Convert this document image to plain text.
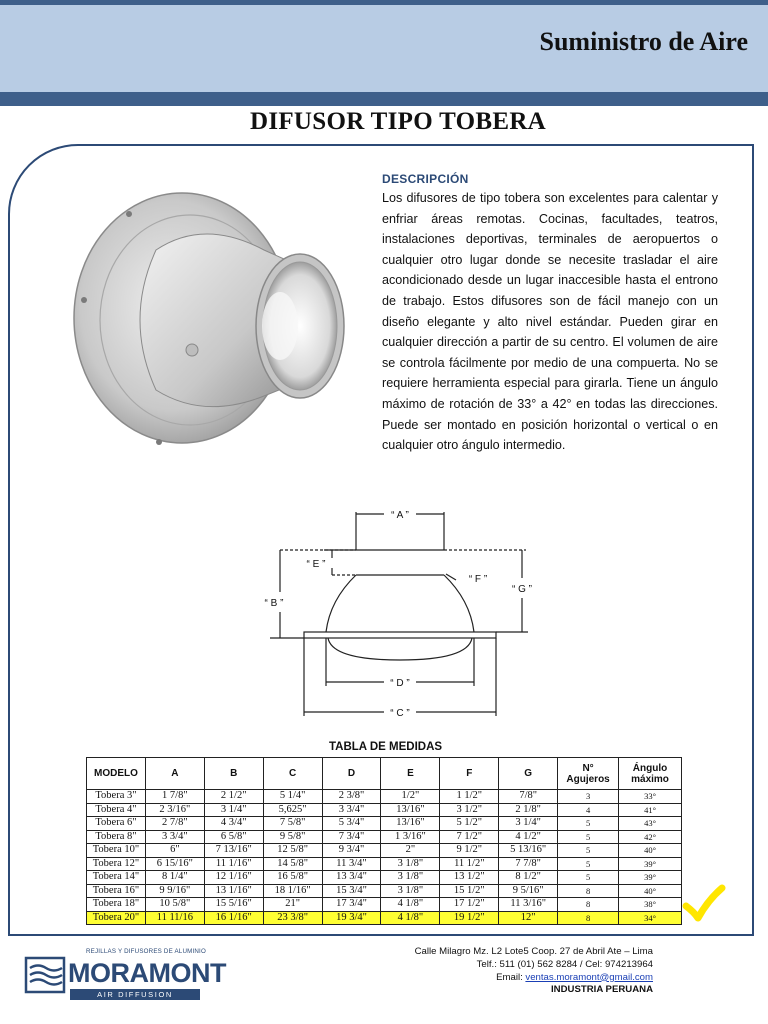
Suministro de Aire
DIFUSOR TIPO TOBERA
DESCRIPCIÓN
Los difusores de tipo tobera son excelentes para calentar y enfriar áreas remotas. Cocinas, facultades, teatros, instalaciones deportivas, terminales de aeropuertos o cualquier otro lugar donde se necesite trasladar el aire acondicionado desde un lugar inaccesible hasta el entrono de trabajo. Estos difusores son de fácil manejo con un diseño elegante y alto nivel estándar. Pueden girar en cualquier dirección a partir de su centro. El volumen de aire se controla fácilmente por medio de una compuerta. No se requiere herramienta especial para girarla. Tiene un ángulo máximo de rotación de 33° a 42° en todas las direcciones. Puede ser montado en posición horizontal o vertical o en cualquier otro ángulo intermedio.
“ A ”
“ B ”
“ C ”
“ D ”
“ E ”
“ F ”
“ G ”
TABLA DE MEDIDAS
MODELO	A	B	C	D	E	F	G	N° Agujeros	Ángulo máximo
Tobera 3"	1 7/8"	2 1/2"	5 1/4"	2 3/8"	1/2"	1 1/2"	7/8"	3	33°
Tobera 4"	2 3/16"	3 1/4"	5,625"	3 3/4"	13/16"	3 1/2"	2 1/8"	4	41°
Tobera 6"	2 7/8"	4 3/4"	7 5/8"	5 3/4"	13/16"	5 1/2"	3 1/4"	5	43°
Tobera 8"	3 3/4"	6 5/8"	9 5/8"	7 3/4"	1 3/16"	7 1/2"	4 1/2"	5	42°
Tobera 10"	6"	7 13/16"	12 5/8"	9 3/4"	2"	9 1/2"	5 13/16"	5	40°
Tobera 12"	6 15/16"	11 1/16"	14 5/8"	11 3/4"	3 1/8"	11 1/2"	7 7/8"	5	39°
Tobera 14"	8 1/4"	12 1/16"	16 5/8"	13 3/4"	3 1/8"	13 1/2"	8 1/2"	5	39°
Tobera 16"	9 9/16"	13 1/16"	18 1/16"	15 3/4"	3 1/8"	15 1/2"	9 5/16"	8	40°
Tobera 18"	10 5/8"	15 5/16"	21"	17 3/4"	4 1/8"	17 1/2"	11 3/16"	8	38°
Tobera 20"	11 11/16	16 1/16"	23 3/8"	19 3/4"	4 1/8"	19 1/2"	12"	8	34°
REJILLAS Y DIFUSORES DE ALUMINIO
MORAMONT
AIR DIFFUSION
Calle Milagro Mz. L2 Lote5 Coop. 27 de Abril Ate – Lima
Telf.: 511 (01) 562 8284 / Cel: 974213964
Email: ventas.moramont@gmail.com
INDUSTRIA PERUANA
